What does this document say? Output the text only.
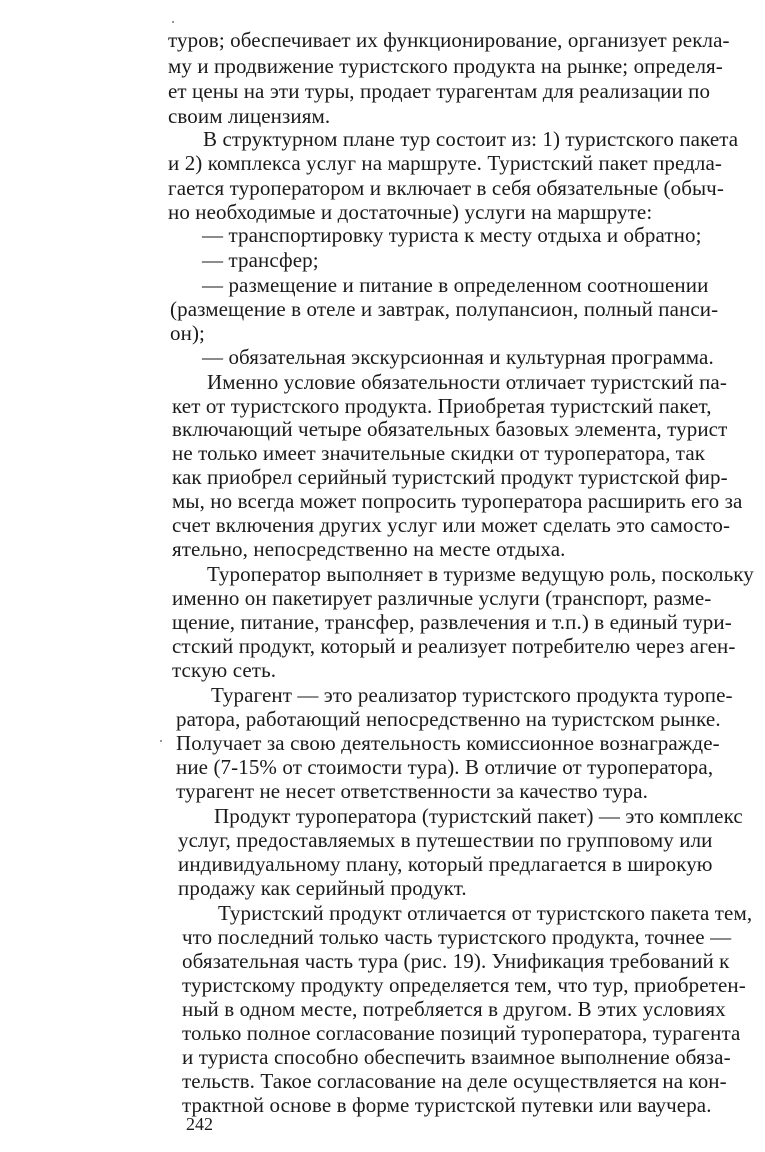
туров; обеспечивает их функционирование, организует рекла-
му и продвижение туристского продукта на рынке; определя-
ет цены на эти туры, продает турагентам для реализации по
своим лицензиям.
В структурном плане тур состоит из: 1) туристского пакета
и 2) комплекса услуг на маршруте. Туристский пакет предла-
гается туроператором и включает в себя обязательные (обыч-
но необходимые и достаточные) услуги на маршруте:
— транспортировку туриста к месту отдыха и обратно;
— трансфер;
— размещение и питание в определенном соотношении
(размещение в отеле и завтрак, полупансион, полный панси-
он);
— обязательная экскурсионная и культурная программа.
Именно условие обязательности отличает туристский па-
кет от туристского продукта. Приобретая туристский пакет,
включающий четыре обязательных базовых элемента, турист
не только имеет значительные скидки от туроператора, так
как приобрел серийный туристский продукт туристской фир-
мы, но всегда может попросить туроператора расширить его за
счет включения других услуг или может сделать это самосто-
ятельно, непосредственно на месте отдыха.
Туроператор выполняет в туризме ведущую роль, поскольку
именно он пакетирует различные услуги (транспорт, разме-
щение, питание, трансфер, развлечения и т.п.) в единый тури-
стский продукт, который и реализует потребителю через аген-
тскую сеть.
Турагент — это реализатор туристского продукта туропе-
ратора, работающий непосредственно на туристском рынке.
Получает за свою деятельность комиссионное вознагражде-
ние (7-15% от стоимости тура). В отличие от туроператора,
турагент не несет ответственности за качество тура.
Продукт туроператора (туристский пакет) — это комплекс
услуг, предоставляемых в путешествии по групповому или
индивидуальному плану, который предлагается в широкую
продажу как серийный продукт.
Туристский продукт отличается от туристского пакета тем,
что последний только часть туристского продукта, точнее —
обязательная часть тура (рис. 19). Унификация требований к
туристскому продукту определяется тем, что тур, приобретен-
ный в одном месте, потребляется в другом. В этих условиях
только полное согласование позиций туроператора, турагента
и туриста способно обеспечить взаимное выполнение обяза-
тельств. Такое согласование на деле осуществляется на кон-
трактной основе в форме туристской путевки или ваучера.
242
